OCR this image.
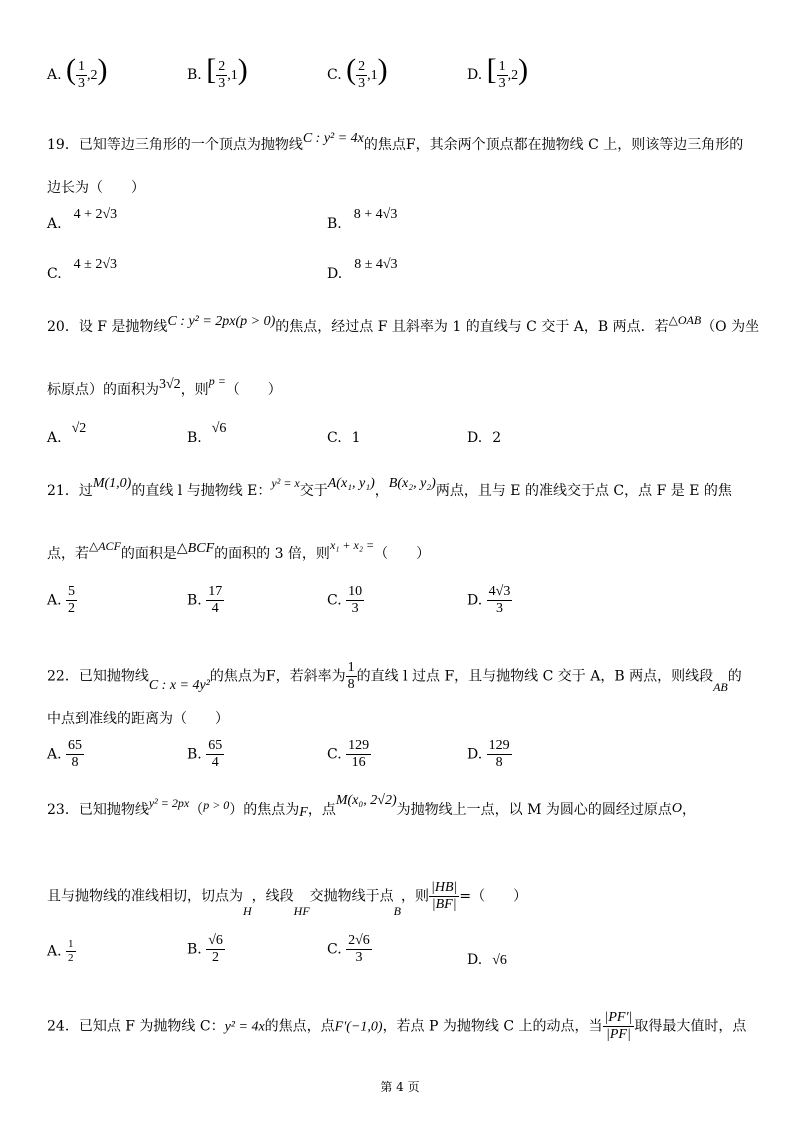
A. ( $\frac{1}{3} ,2$)	B. [ $\frac{2}{3} ,1$)	C. ( $\frac{2}{3} ,1$)	D. [ $\frac{1}{3} ,2$)
19．已知等边三角形的一个顶点为抛物线C : y² = 4x的焦点F，其余两个顶点都在抛物线 C 上，则该等边三角形的
边长为（　　）
A.4 + 2√3
B.8 + 4√3
C.4 ± 2√3
D.8 ± 4√3
20．设 F 是抛物线C : y² = 2px(p > 0)的焦点，经过点 F 且斜率为 1 的直线与 C 交于 A，B 两点．若△OAB（O 为坐
标原点）的面积为3√2，则p =（　　）
A.√2
B.√6
C. 1	D. 2
21．过M(1,0)的直线 l 与抛物线 E：y² = x交于A(x₁, y₁)，B(x₂, y₂)两点，且与 E 的准线交于点 C，点 F 是 E 的焦
点，若△ACF的面积是△BCF的面积的 3 倍，则x₁ + x₂ =（　　）
A. $\frac{5}{2}$	B. $\frac{17}{4}$	C. $\frac{10}{3}$	D. $\frac{4√3}{3}$
22．已知抛物线C : x = 4y²的焦点为F，若斜率为 $\frac{1}{8}$ 的直线 l 过点 F，且与抛物线 C 交于 A，B 两点，则线段AB的
中点到准线的距离为（　　）
A. $\frac{65}{8}$	B. $\frac{65}{4}$	C. $\frac{129}{16}$	D. $\frac{129}{8}$
23．已知抛物线y² = 2px（p > 0）的焦点为F，点M(x₀, 2√2)为抛物线上一点，以 M 为圆心的圆经过原点O，
且与抛物线的准线相切，切点为H，线段HF交抛物线于点B，则 $\frac{|HB|}{|BF|}$ =（　　）
A. $\frac{1}{2}$	B. $\frac{√6}{2}$	C. $\frac{2√6}{3}$	D. √6
24．已知点 F 为抛物线 C：y² = 4x的焦点，点F′(−1,0)，若点 P 为抛物线 C 上的动点，当 $\frac{|PF'|}{|PF|}$ 取得最大值时，点
第 4 页
